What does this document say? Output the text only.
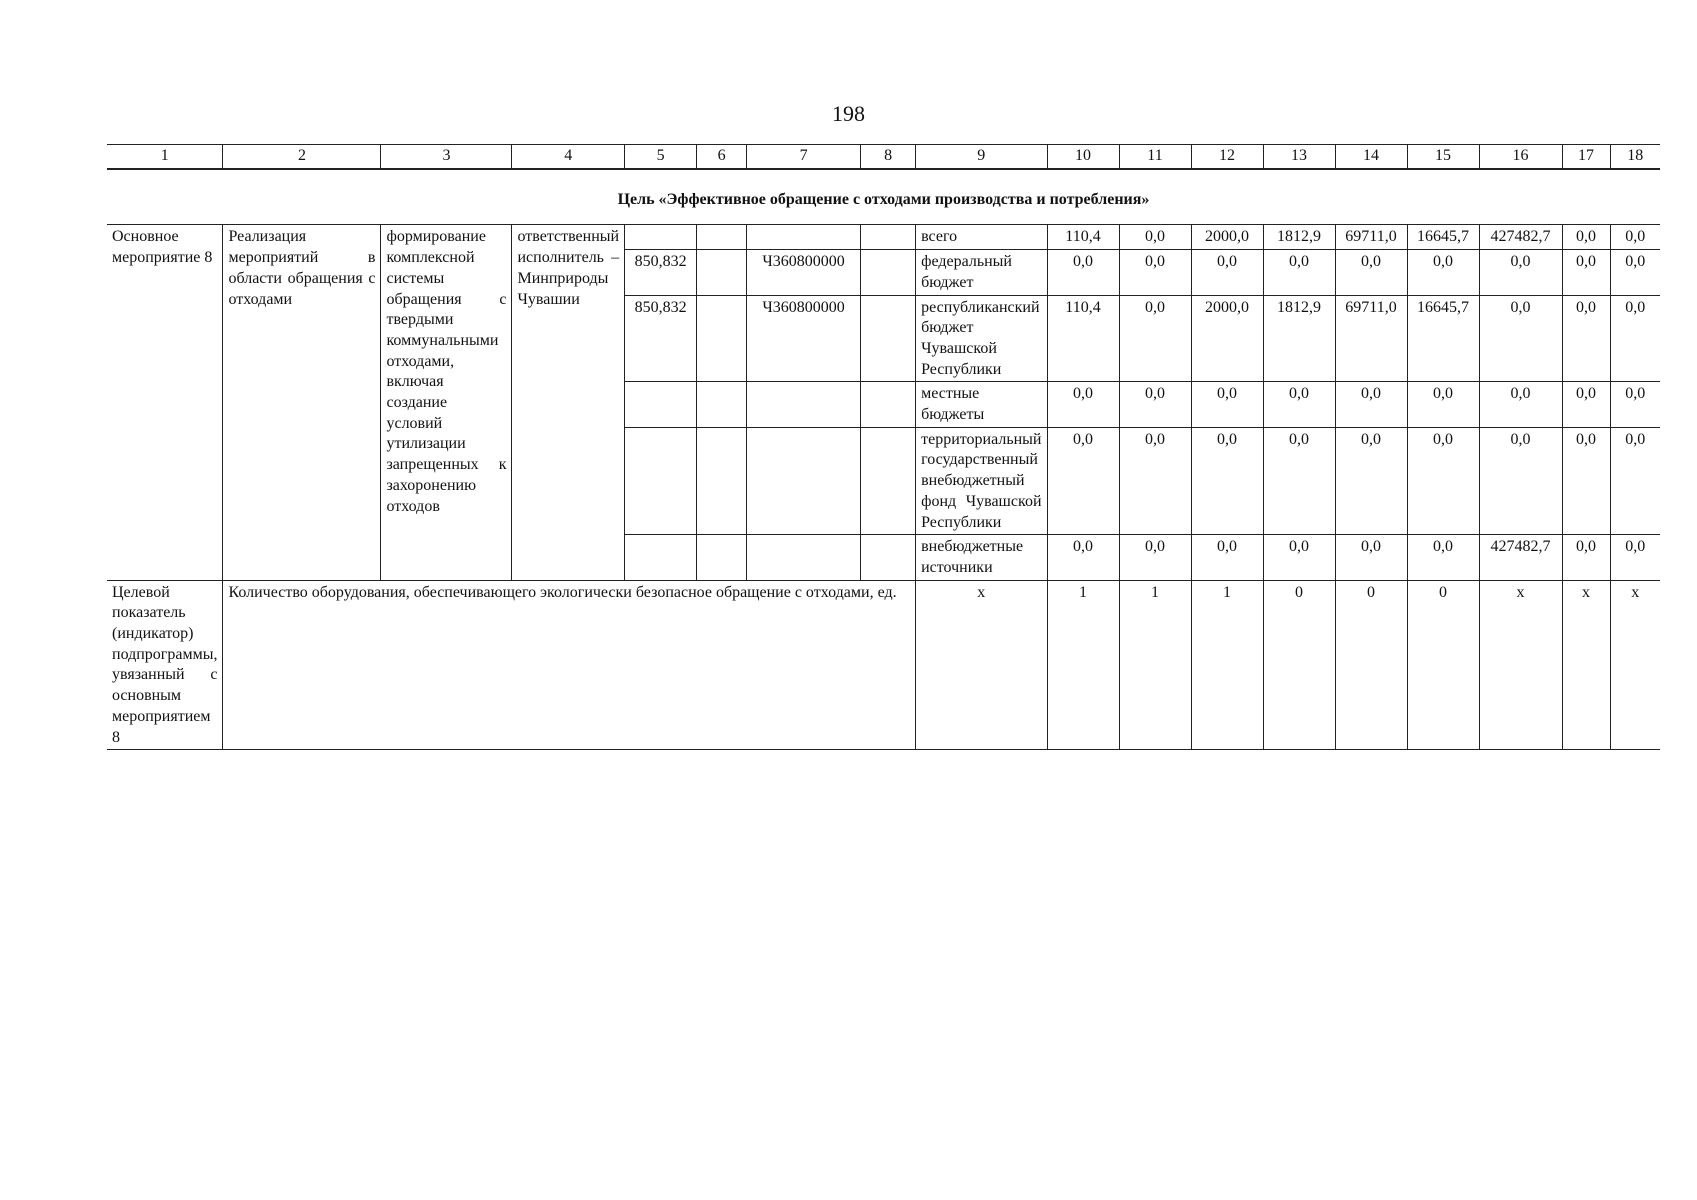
198
1	2	3	4	5	6	7	8	9	10	11	12	13	14	15	16	17	18
Цель «Эффективное обращение с отходами производства и потребления»																	
Основное мероприятие 8	Реализация мероприятий в области обращения с отходами	формирование комплексной системы обращения с твердыми коммунальными отходами, включая создание условий утилизации запрещенных к захоронению отходов	ответственный исполнитель – Минприроды Чувашии					всего	110,4	0,0	2000,0	1812,9	69711,0	16645,7	427482,7	0,0	0,0
				850,832		Ч360800000		федеральный бюджет	0,0	0,0	0,0	0,0	0,0	0,0	0,0	0,0	0,0
				850,832		Ч360800000		республиканский бюджет Чувашской Республики	110,4	0,0	2000,0	1812,9	69711,0	16645,7	0,0	0,0	0,0
								местные бюджеты	0,0	0,0	0,0	0,0	0,0	0,0	0,0	0,0	0,0
								территориальный государственный внебюджетный фонд Чувашской Республики	0,0	0,0	0,0	0,0	0,0	0,0	0,0	0,0	0,0
								внебюджетные источники	0,0	0,0	0,0	0,0	0,0	0,0	427482,7	0,0	0,0
Целевой показатель (индикатор) подпрограммы, увязанный с основным мероприятием 8	Количество оборудования, обеспечивающего экологически безопасное обращение с отходами, ед.							x	1	1	1	0	0	0	x	x	x
